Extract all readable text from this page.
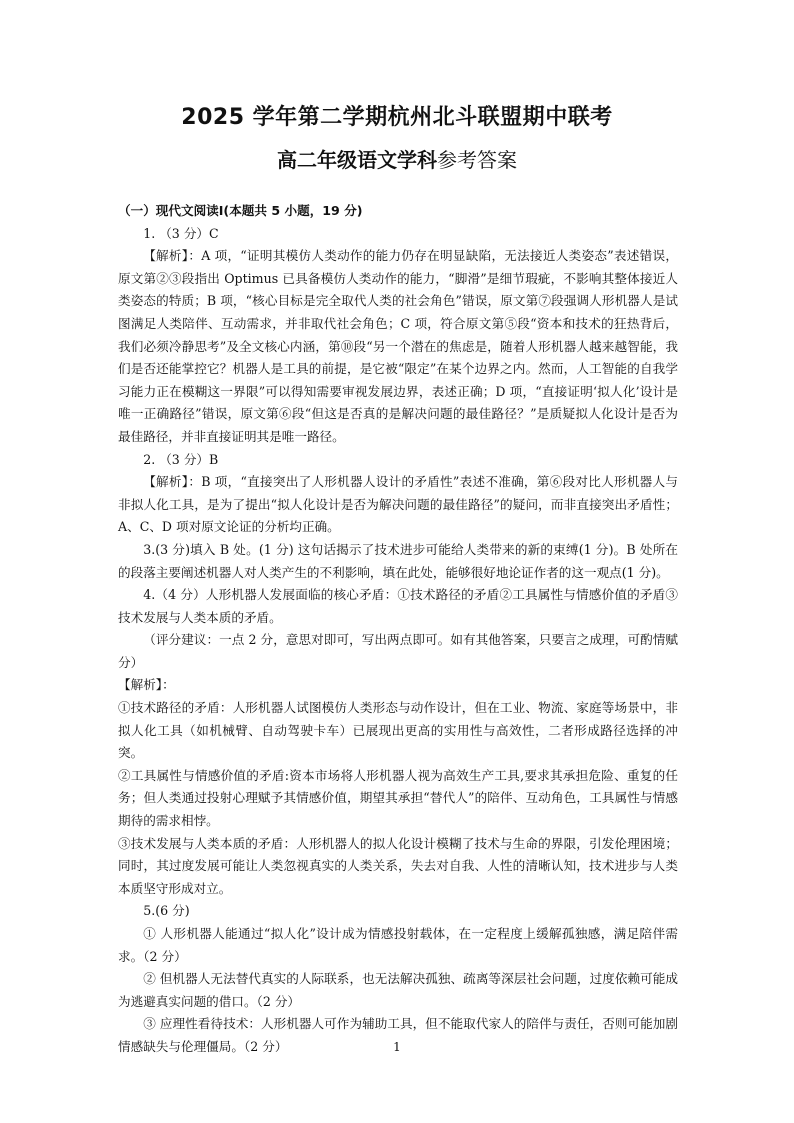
2025 学年第二学期杭州北斗联盟期中联考
高二年级语文学科参考答案

（一）现代文阅读Ⅰ(本题共 5 小题，19 分)

1. （3 分）C

【解析】：A 项，“证明其模仿人类动作的能力仍存在明显缺陷，无法接近人类姿态”表述错误，原文第②③段指出 Optimus 已具备模仿人类动作的能力，“脚滑”是细节瑕疵，不影响其整体接近人类姿态的特质；B 项，“核心目标是完全取代人类的社会角色”错误，原文第⑦段强调人形机器人是试图满足人类陪伴、互动需求，并非取代社会角色；C 项，符合原文第⑤段“资本和技术的狂热背后，我们必须冷静思考”及全文核心内涵，第⑩段“另一个潜在的焦虑是，随着人形机器人越来越智能，我们是否还能掌控它？机器人是工具的前提，是它被“限定”在某个边界之内。然而，人工智能的自我学习能力正在模糊这一界限”可以得知需要审视发展边界，表述正确；D 项，“直接证明‘拟人化’设计是唯一正确路径”错误，原文第⑥段“但这是否真的是解决问题的最佳路径？”是质疑拟人化设计是否为最佳路径，并非直接证明其是唯一路径。

2. （3 分）B

【解析】：B 项，“直接突出了人形机器人设计的矛盾性”表述不准确，第⑥段对比人形机器人与非拟人化工具，是为了提出“拟人化设计是否为解决问题的最佳路径”的疑问，而非直接突出矛盾性；A、C、D 项对原文论证的分析均正确。

3.(3 分)填入 B 处。(1 分) 这句话揭示了技术进步可能给人类带来的新的束缚(1 分)。B 处所在的段落主要阐述机器人对人类产生的不利影响，填在此处，能够很好地论证作者的这一观点(1 分)。

4.（4 分）人形机器人发展面临的核心矛盾：①技术路径的矛盾②工具属性与情感价值的矛盾③技术发展与人类本质的矛盾。

（评分建议：一点 2 分，意思对即可，写出两点即可。如有其他答案，只要言之成理，可酌情赋分）

【解析】：

①技术路径的矛盾：人形机器人试图模仿人类形态与动作设计，但在工业、物流、家庭等场景中，非拟人化工具（如机械臂、自动驾驶卡车）已展现出更高的实用性与高效性，二者形成路径选择的冲突。

②工具属性与情感价值的矛盾:资本市场将人形机器人视为高效生产工具,要求其承担危险、重复的任务；但人类通过投射心理赋予其情感价值，期望其承担“替代人”的陪伴、互动角色，工具属性与情感期待的需求相悖。

③技术发展与人类本质的矛盾：人形机器人的拟人化设计模糊了技术与生命的界限，引发伦理困境；同时，其过度发展可能让人类忽视真实的人类关系，失去对自我、人性的清晰认知，技术进步与人类本质坚守形成对立。

5.(6 分)

① 人形机器人能通过“拟人化”设计成为情感投射载体，在一定程度上缓解孤独感，满足陪伴需求。（2 分）

② 但机器人无法替代真实的人际联系，也无法解决孤独、疏离等深层社会问题，过度依赖可能成为逃避真实问题的借口。（2 分）

③ 应理性看待技术：人形机器人可作为辅助工具，但不能取代家人的陪伴与责任，否则可能加剧情感缺失与伦理僵局。（2 分）	1
